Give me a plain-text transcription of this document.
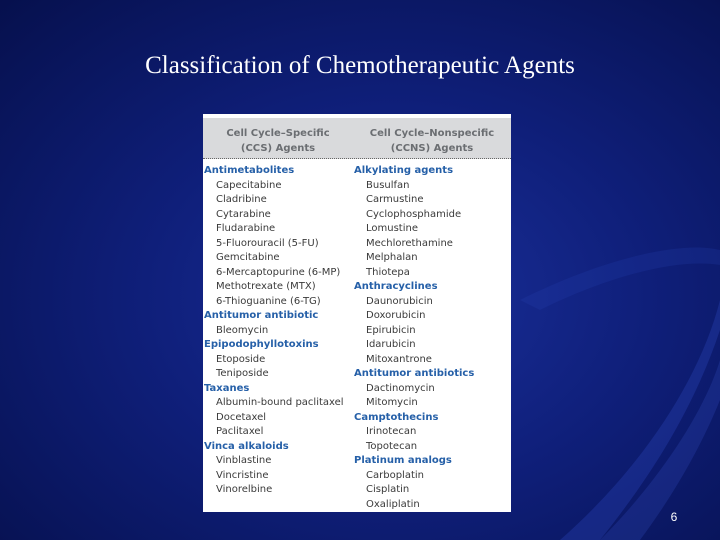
Classification of Chemotherapeutic Agents
Cell Cycle–Specific
(CCS) Agents
Cell Cycle–Nonspecific
(CCNS) Agents
Antimetabolites
Capecitabine
Cladribine
Cytarabine
Fludarabine
5-Fluorouracil (5-FU)
Gemcitabine
6-Mercaptopurine (6-MP)
Methotrexate (MTX)
6-Thioguanine (6-TG)
Antitumor antibiotic
Bleomycin
Epipodophyllotoxins
Etoposide
Teniposide
Taxanes
Albumin-bound paclitaxel
Docetaxel
Paclitaxel
Vinca alkaloids
Vinblastine
Vincristine
Vinorelbine
Alkylating agents
Busulfan
Carmustine
Cyclophosphamide
Lomustine
Mechlorethamine
Melphalan
Thiotepa
Anthracyclines
Daunorubicin
Doxorubicin
Epirubicin
Idarubicin
Mitoxantrone
Antitumor antibiotics
Dactinomycin
Mitomycin
Camptothecins
Irinotecan
Topotecan
Platinum analogs
Carboplatin
Cisplatin
Oxaliplatin
6
